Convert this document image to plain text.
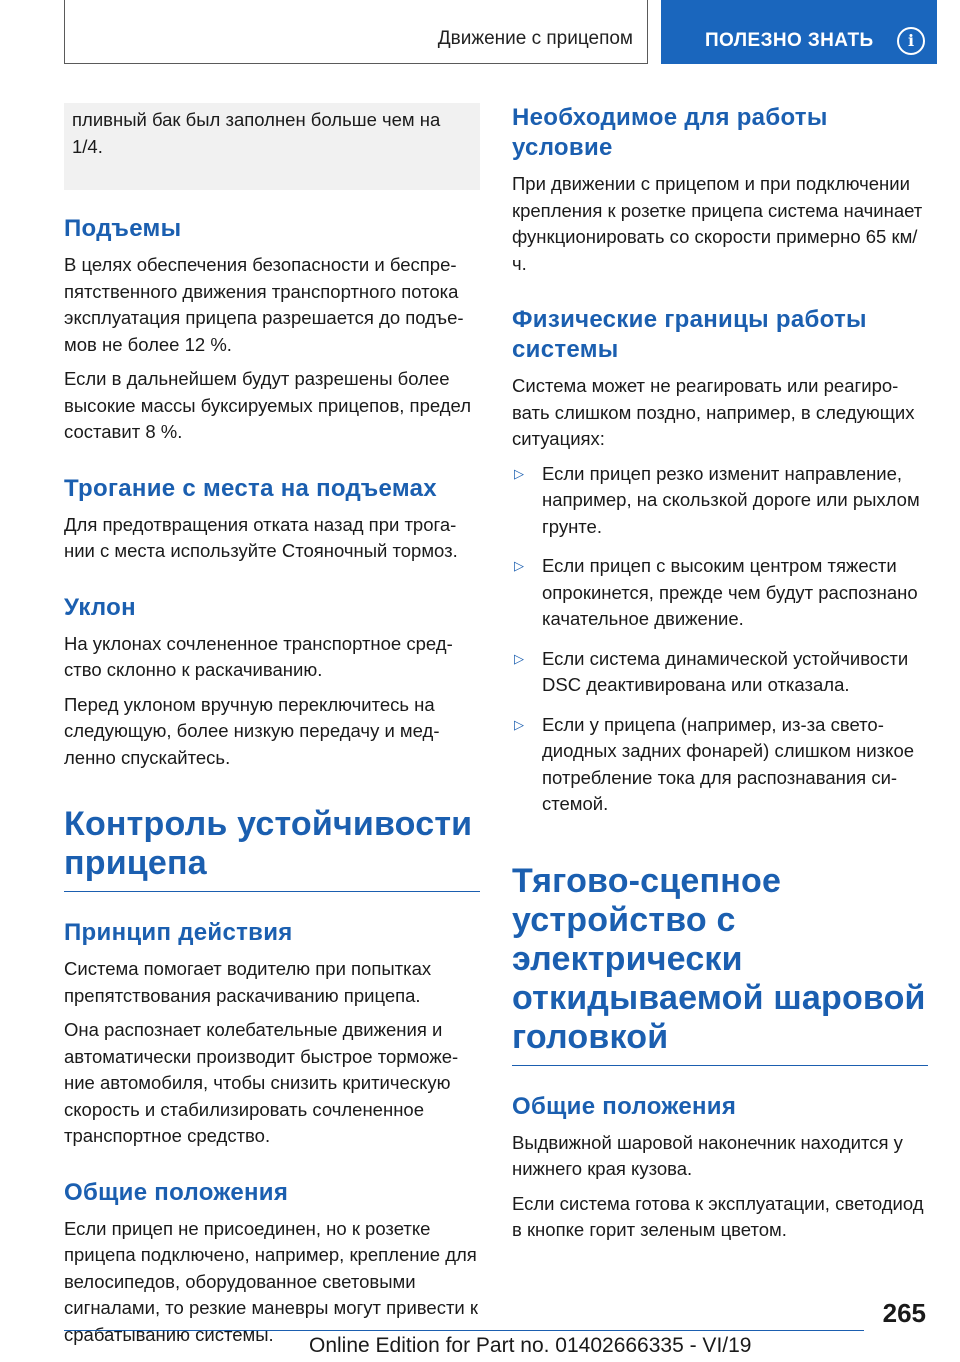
Движение с прицепом	ПОЛЕЗНО ЗНАТЬ	i

пливный бак был заполнен больше чем на 1/4.

Подъемы

В целях обеспечения безопасности и беспрепятственного движения транспортного потока эксплуатация прицепа разрешается до подъемов не более 12 %.

Если в дальнейшем будут разрешены более высокие массы буксируемых прицепов, предел составит 8 %.

Трогание с места на подъемах

Для предотвращения отката назад при трогании с места используйте Стояночный тормоз.

Уклон

На уклонах сочлененное транспортное средство склонно к раскачиванию.

Перед уклоном вручную переключитесь на следующую, более низкую передачу и медленно спускайтесь.

Контроль устойчивости прицепа
Принцип действия

Система помогает водителю при попытках препятствования раскачиванию прицепа.

Она распознает колебательные движения и автоматически производит быстрое торможение автомобиля, чтобы снизить критическую скорость и стабилизировать сочлененное транспортное средство.

Общие положения

Если прицеп не присоединен, но к розетке прицепа подключено, например, крепление для велосипедов, оборудованное световыми сигналами, то резкие маневры могут привести к срабатыванию системы.

Необходимое для работы условие

При движении с прицепом и при подключении крепления к розетке прицепа система начинает функционировать со скорости примерно 65 км/ч.

Физические границы работы системы

Система может не реагировать или реагировать слишком поздно, например, в следующих ситуациях:

▷ Если прицеп резко изменит направление, например, на скользкой дороге или рыхлом грунте.
▷ Если прицеп с высоким центром тяжести опрокинется, прежде чем будут распознано качательное движение.
▷ Если система динамической устойчивости DSC деактивирована или отказала.
▷ Если у прицепа (например, из-за светодиодных задних фонарей) слишком низкое потребление тока для распознавания системой.
Тягово-сцепное устройство с электрически откидываемой шаровой головкой
Общие положения

Выдвижной шаровой наконечник находится у нижнего края кузова.

Если система готова к эксплуатации, светодиод в кнопке горит зеленым цветом.

265
Online Edition for Part no. 01402666335 - VI/19
